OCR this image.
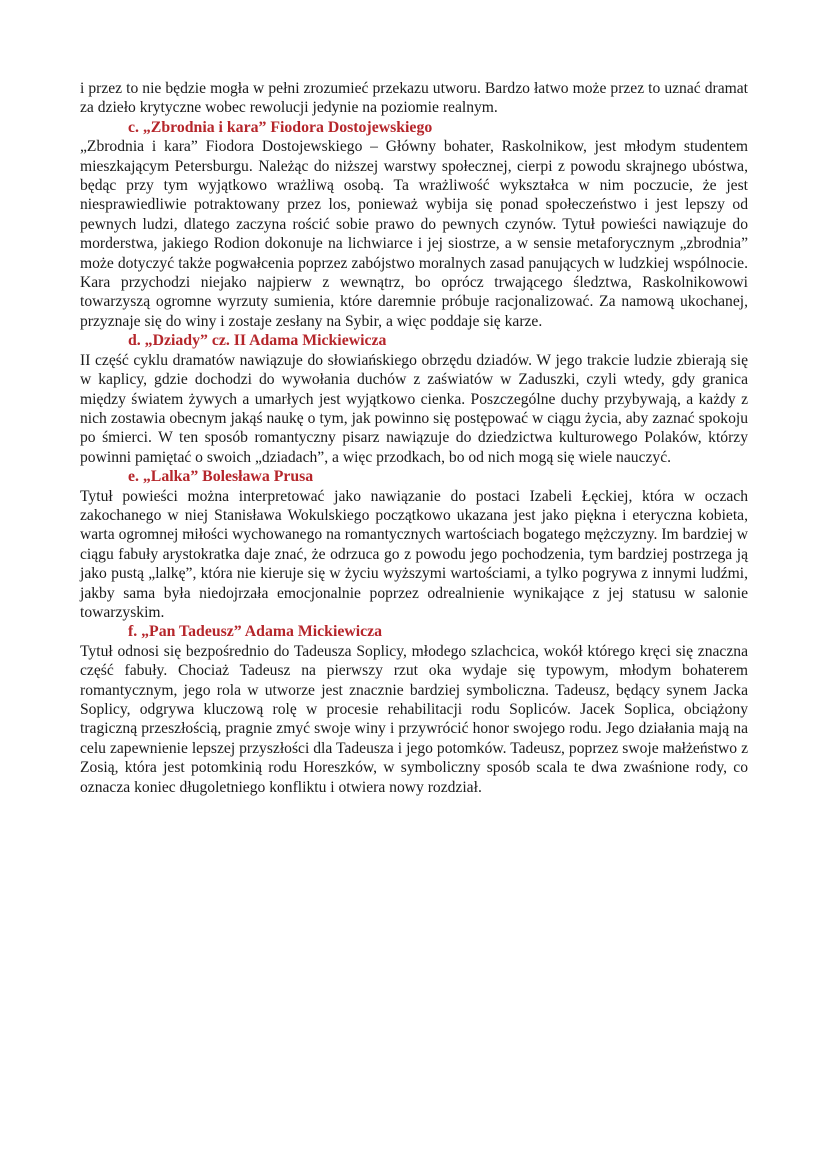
i przez to nie będzie mogła w pełni zrozumieć przekazu utworu. Bardzo łatwo może przez to uznać dramat za dzieło krytyczne wobec rewolucji jedynie na poziomie realnym.

c. „Zbrodnia i kara” Fiodora Dostojewskiego

„Zbrodnia i kara” Fiodora Dostojewskiego – Główny bohater, Raskolnikow, jest młodym studentem mieszkającym Petersburgu. Należąc do niższej warstwy społecznej, cierpi z powodu skrajnego ubóstwa, będąc przy tym wyjątkowo wrażliwą osobą. Ta wrażliwość wykształca w nim poczucie, że jest niesprawiedliwie potraktowany przez los, ponieważ wybija się ponad społeczeństwo i jest lepszy od pewnych ludzi, dlatego zaczyna rościć sobie prawo do pewnych czynów. Tytuł powieści nawiązuje do morderstwa, jakiego Rodion dokonuje na lichwiarce i jej siostrze, a w sensie metaforycznym „zbrodnia” może dotyczyć także pogwałcenia poprzez zabójstwo moralnych zasad panujących w ludzkiej wspólnocie. Kara przychodzi niejako najpierw z wewnątrz, bo oprócz trwającego śledztwa, Raskolnikowowi towarzyszą ogromne wyrzuty sumienia, które daremnie próbuje racjonalizować. Za namową ukochanej, przyznaje się do winy i zostaje zesłany na Sybir, a więc poddaje się karze.

d. „Dziady” cz. II Adama Mickiewicza

II część cyklu dramatów nawiązuje do słowiańskiego obrzędu dziadów. W jego trakcie ludzie zbierają się w kaplicy, gdzie dochodzi do wywołania duchów z zaświatów w Zaduszki, czyli wtedy, gdy granica między światem żywych a umarłych jest wyjątkowo cienka. Poszczególne duchy przybywają, a każdy z nich zostawia obecnym jakąś naukę o tym, jak powinno się postępować w ciągu życia, aby zaznać spokoju po śmierci. W ten sposób romantyczny pisarz nawiązuje do dziedzictwa kulturowego Polaków, którzy powinni pamiętać o swoich „dziadach”, a więc przodkach, bo od nich mogą się wiele nauczyć.

e. „Lalka” Bolesława Prusa

Tytuł powieści można interpretować jako nawiązanie do postaci Izabeli Łęckiej, która w oczach zakochanego w niej Stanisława Wokulskiego początkowo ukazana jest jako piękna i eteryczna kobieta, warta ogromnej miłości wychowanego na romantycznych wartościach bogatego mężczyzny. Im bardziej w ciągu fabuły arystokratka daje znać, że odrzuca go z powodu jego pochodzenia, tym bardziej postrzega ją jako pustą „lalkę”, która nie kieruje się w życiu wyższymi wartościami, a tylko pogrywa z innymi ludźmi, jakby sama była niedojrzała emocjonalnie poprzez odrealnienie wynikające z jej statusu w salonie towarzyskim.

f. „Pan Tadeusz” Adama Mickiewicza

Tytuł odnosi się bezpośrednio do Tadeusza Soplicy, młodego szlachcica, wokół którego kręci się znaczna część fabuły. Chociaż Tadeusz na pierwszy rzut oka wydaje się typowym, młodym bohaterem romantycznym, jego rola w utworze jest znacznie bardziej symboliczna. Tadeusz, będący synem Jacka Soplicy, odgrywa kluczową rolę w procesie rehabilitacji rodu Sopliców. Jacek Soplica, obciążony tragiczną przeszłością, pragnie zmyć swoje winy i przywrócić honor swojego rodu. Jego działania mają na celu zapewnienie lepszej przyszłości dla Tadeusza i jego potomków. Tadeusz, poprzez swoje małżeństwo z Zosią, która jest potomkinią rodu Horeszków, w symboliczny sposób scala te dwa zwaśnione rody, co oznacza koniec długoletniego konfliktu i otwiera nowy rozdział.
